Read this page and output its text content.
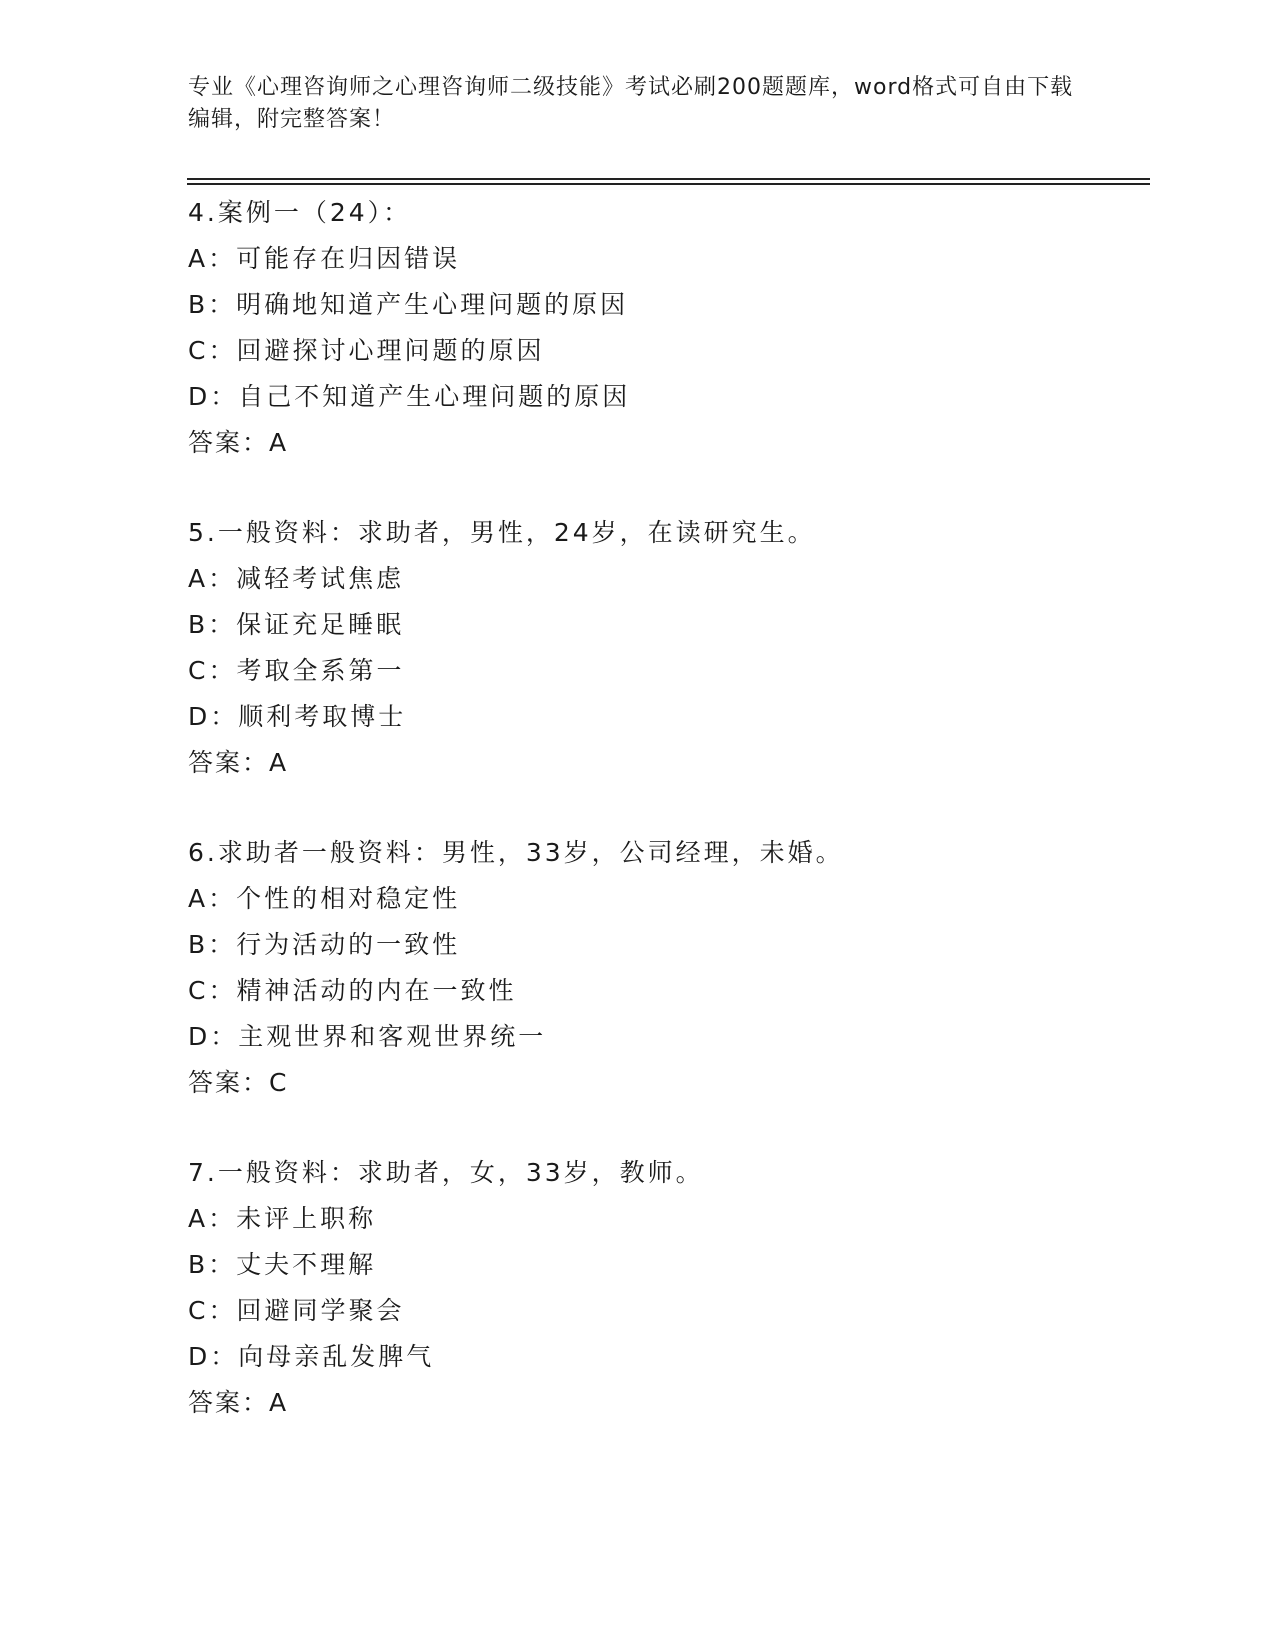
专业《心理咨询师之心理咨询师二级技能》考试必刷200题题库，word格式可自由下载编辑，附完整答案！

4.案例一（24）：

A：可能存在归因错误

B：明确地知道产生心理问题的原因

C：回避探讨心理问题的原因

D：自己不知道产生心理问题的原因

答案：A

5.一般资料：求助者，男性，24岁，在读研究生。

A：减轻考试焦虑

B：保证充足睡眠

C：考取全系第一

D：顺利考取博士

答案：A

6.求助者一般资料：男性，33岁，公司经理，未婚。

A：个性的相对稳定性

B：行为活动的一致性

C：精神活动的内在一致性

D：主观世界和客观世界统一

答案：C

7.一般资料：求助者，女，33岁，教师。

A：未评上职称

B：丈夫不理解

C：回避同学聚会

D：向母亲乱发脾气

答案：A
